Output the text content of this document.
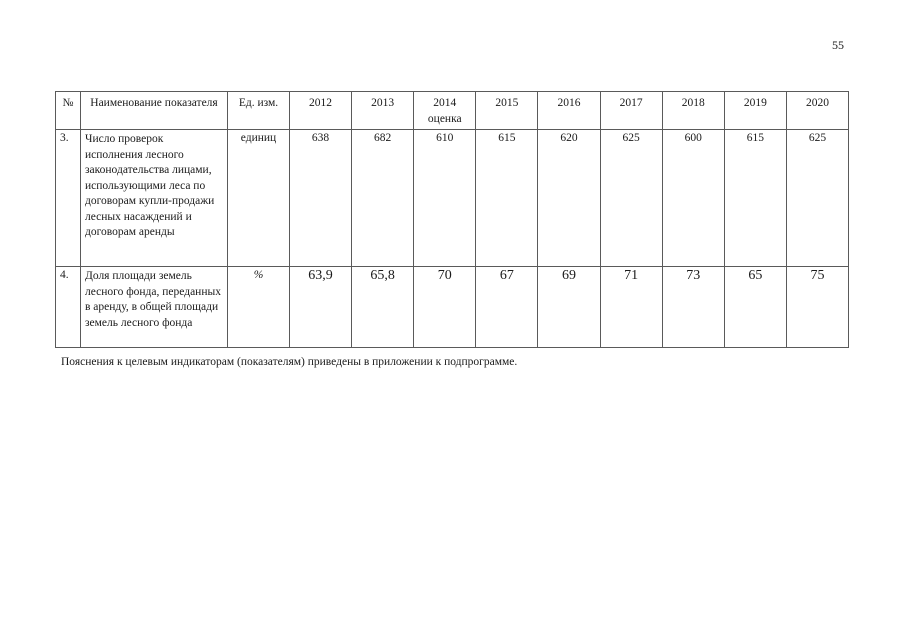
55
№	Наименование показателя	Ед. изм.	2012	2013	2014 оценка	2015	2016	2017	2018	2019	2020
3.	Число проверок исполнения лесного законодательства лицами, использующими леса по договорам купли-продажи лесных насаждений и договорам аренды	единиц	638	682	610	615	620	625	600	615	625
4.	Доля площади земель лесного фонда, переданных в аренду, в общей площади земель лесного фонда	%	63,9	65,8	70	67	69	71	73	65	75
Пояснения к целевым индикаторам (показателям) приведены в приложении к подпрограмме.
